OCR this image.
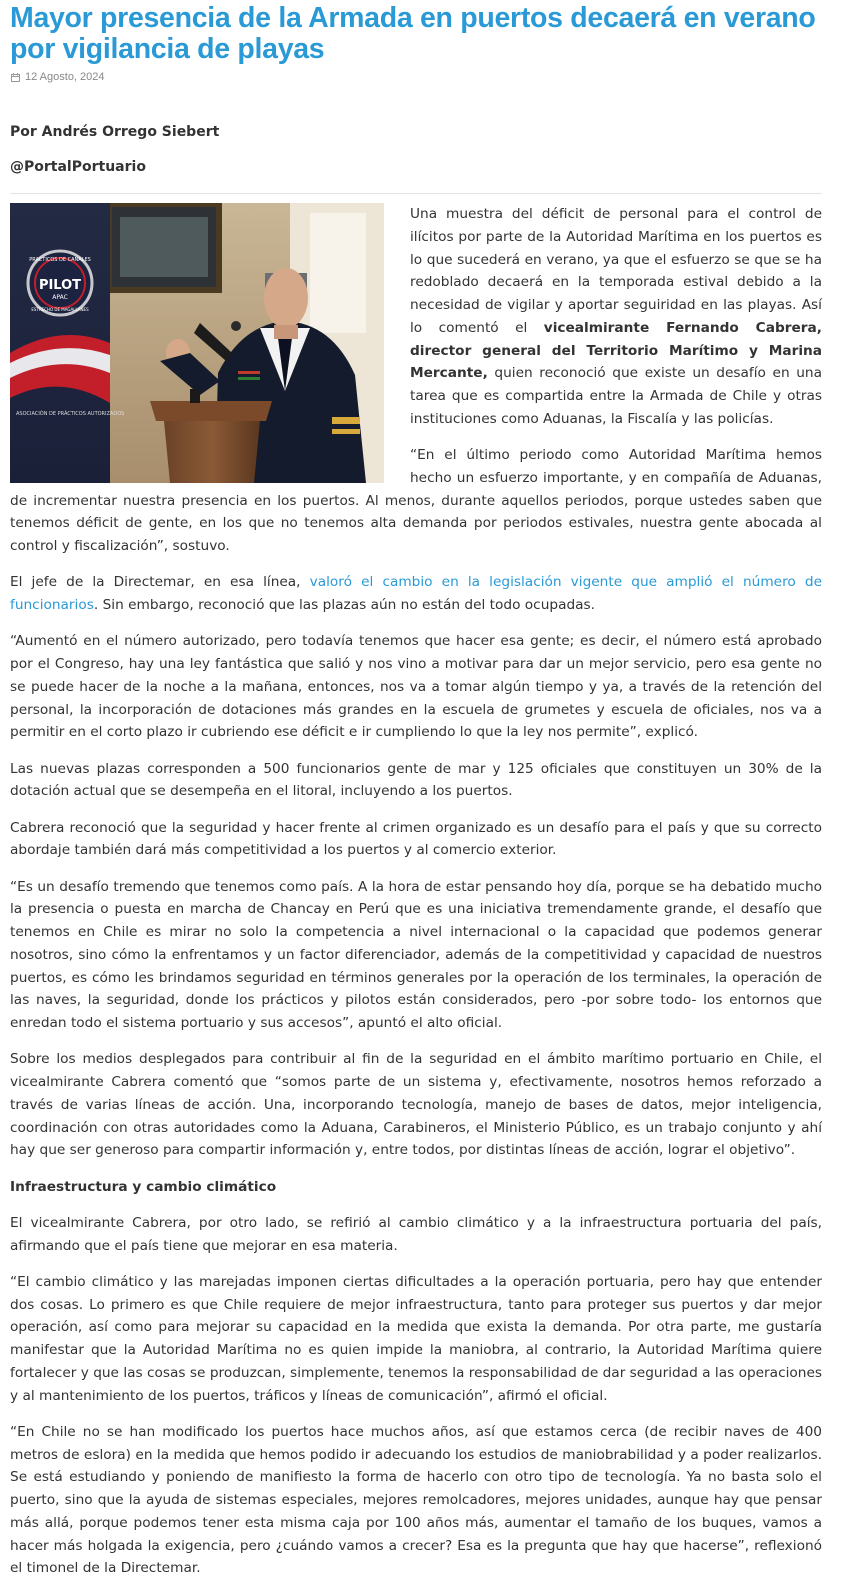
Mayor presencia de la Armada en puertos decaerá en verano por vigilancia de playas
12 Agosto, 2024

Por Andrés Orrego Siebert

@PortalPortuario

PRACTICOS DE CANALES
PILOT
APAC
ESTRECHO DE MAGALLANES
ASOCIACIÓN DE PRÁCTICOS AUTORIZADOS

Una muestra del déficit de personal para el control de ilícitos por parte de la Autoridad Marítima en los puertos es lo que sucederá en verano, ya que el esfuerzo se que se ha redoblado decaerá en la temporada estival debido a la necesidad de vigilar y aportar seguiridad en las playas. Así lo comentó el vicealmirante Fernando Cabrera, director general del Territorio Marítimo y Marina Mercante, quien reconoció que existe un desafío en una tarea que es compartida entre la Armada de Chile y otras instituciones como Aduanas, la Fiscalía y las policías.

“En el último periodo como Autoridad Marítima hemos hecho un esfuerzo importante, y en compañía de Aduanas, de incrementar nuestra presencia en los puertos. Al menos, durante aquellos periodos, porque ustedes saben que tenemos déficit de gente, en los que no tenemos alta demanda por periodos estivales, nuestra gente abocada al control y fiscalización”, sostuvo.

El jefe de la Directemar, en esa línea, valoró el cambio en la legislación vigente que amplió el número de funcionarios. Sin embargo, reconoció que las plazas aún no están del todo ocupadas.

“Aumentó en el número autorizado, pero todavía tenemos que hacer esa gente; es decir, el número está aprobado por el Congreso, hay una ley fantástica que salió y nos vino a motivar para dar un mejor servicio, pero esa gente no se puede hacer de la noche a la mañana, entonces, nos va a tomar algún tiempo y ya, a través de la retención del personal, la incorporación de dotaciones más grandes en la escuela de grumetes y escuela de oficiales, nos va a permitir en el corto plazo ir cubriendo ese déficit e ir cumpliendo lo que la ley nos permite”, explicó.

Las nuevas plazas corresponden a 500 funcionarios gente de mar y 125 oficiales que constituyen un 30% de la dotación actual que se desempeña en el litoral, incluyendo a los puertos.

Cabrera reconoció que la seguridad y hacer frente al crimen organizado es un desafío para el país y que su correcto abordaje también dará más competitividad a los puertos y al comercio exterior.

“Es un desafío tremendo que tenemos como país. A la hora de estar pensando hoy día, porque se ha debatido mucho la presencia o puesta en marcha de Chancay en Perú que es una iniciativa tremendamente grande, el desafío que tenemos en Chile es mirar no solo la competencia a nivel internacional o la capacidad que podemos generar nosotros, sino cómo la enfrentamos y un factor diferenciador, además de la competitividad y capacidad de nuestros puertos, es cómo les brindamos seguridad en términos generales por la operación de los terminales, la operación de las naves, la seguridad, donde los prácticos y pilotos están considerados, pero -por sobre todo- los entornos que enredan todo el sistema portuario y sus accesos”, apuntó el alto oficial.

Sobre los medios desplegados para contribuir al fin de la seguridad en el ámbito marítimo portuario en Chile, el vicealmirante Cabrera comentó que “somos parte de un sistema y, efectivamente, nosotros hemos reforzado a través de varias líneas de acción. Una, incorporando tecnología, manejo de bases de datos, mejor inteligencia, coordinación con otras autoridades como la Aduana, Carabineros, el Ministerio Público, es un trabajo conjunto y ahí hay que ser generoso para compartir información y, entre todos, por distintas líneas de acción, lograr el objetivo”.

Infraestructura y cambio climático

El vicealmirante Cabrera, por otro lado, se refirió al cambio climático y a la infraestructura portuaria del país, afirmando que el país tiene que mejorar en esa materia.

“El cambio climático y las marejadas imponen ciertas dificultades a la operación portuaria, pero hay que entender dos cosas. Lo primero es que Chile requiere de mejor infraestructura, tanto para proteger sus puertos y dar mejor operación, así como para mejorar su capacidad en la medida que exista la demanda. Por otra parte, me gustaría manifestar que la Autoridad Marítima no es quien impide la maniobra, al contrario, la Autoridad Marítima quiere fortalecer y que las cosas se produzcan, simplemente, tenemos la responsabilidad de dar seguridad a las operaciones y al mantenimiento de los puertos, tráficos y líneas de comunicación”, afirmó el oficial.

“En Chile no se han modificado los puertos hace muchos años, así que estamos cerca (de recibir naves de 400 metros de eslora) en la medida que hemos podido ir adecuando los estudios de maniobrabilidad y a poder realizarlos. Se está estudiando y poniendo de manifiesto la forma de hacerlo con otro tipo de tecnología. Ya no basta solo el puerto, sino que la ayuda de sistemas especiales, mejores remolcadores, mejores unidades, aunque hay que pensar más allá, porque podemos tener esta misma caja por 100 años más, aumentar el tamaño de los buques, vamos a hacer más holgada la exigencia, pero ¿cuándo vamos a crecer? Esa es la pregunta que hay que hacerse”, reflexionó el timonel de la Directemar.
